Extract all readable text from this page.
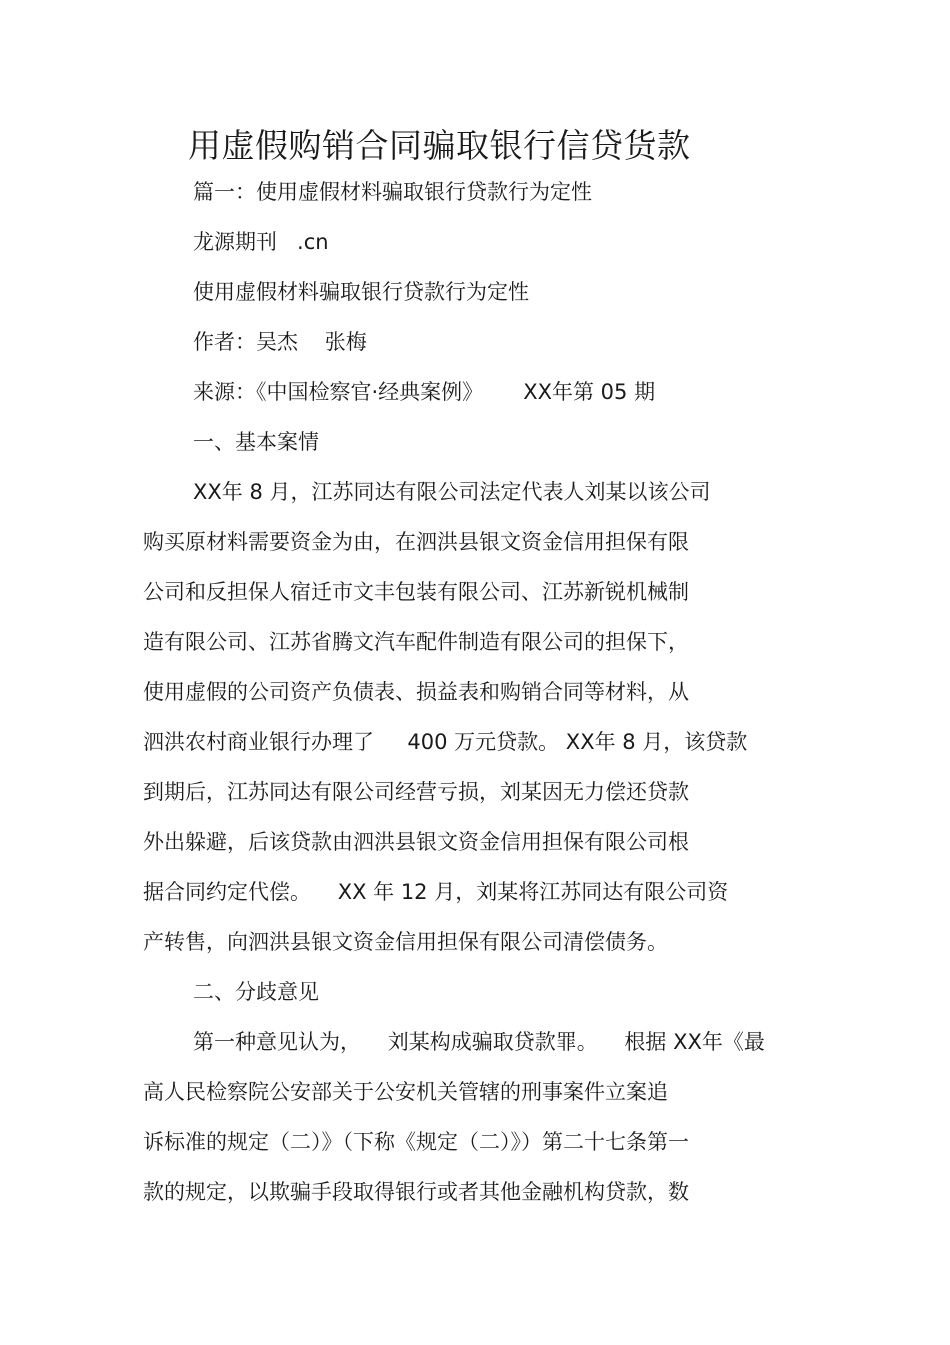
用虚假购销合同骗取银行信贷货款
篇一：使用虚假材料骗取银行贷款行为定性
龙源期刊   .cn
使用虚假材料骗取银行贷款行为定性
作者：吴杰    张梅
来源：《中国检察官·经典案例》      XX年第 05 期
一、基本案情
XX年 8 月，江苏同达有限公司法定代表人刘某以该公司
购买原材料需要资金为由，在泗洪县银文资金信用担保有限
公司和反担保人宿迁市文丰包装有限公司、江苏新锐机械制
造有限公司、江苏省腾文汽车配件制造有限公司的担保下，
使用虚假的公司资产负债表、损益表和购销合同等材料，从
泗洪农村商业银行办理了     400 万元贷款。 XX年 8 月，该贷款
到期后，江苏同达有限公司经营亏损，刘某因无力偿还贷款
外出躲避，后该贷款由泗洪县银文资金信用担保有限公司根
据合同约定代偿。    XX 年 12 月，刘某将江苏同达有限公司资
产转售，向泗洪县银文资金信用担保有限公司清偿债务。
二、分歧意见
第一种意见认为，    刘某构成骗取贷款罪。    根据 XX年《最
高人民检察院公安部关于公安机关管辖的刑事案件立案追
诉标准的规定（二）》（下称《规定（二）》）第二十七条第一
款的规定，以欺骗手段取得银行或者其他金融机构贷款，数
